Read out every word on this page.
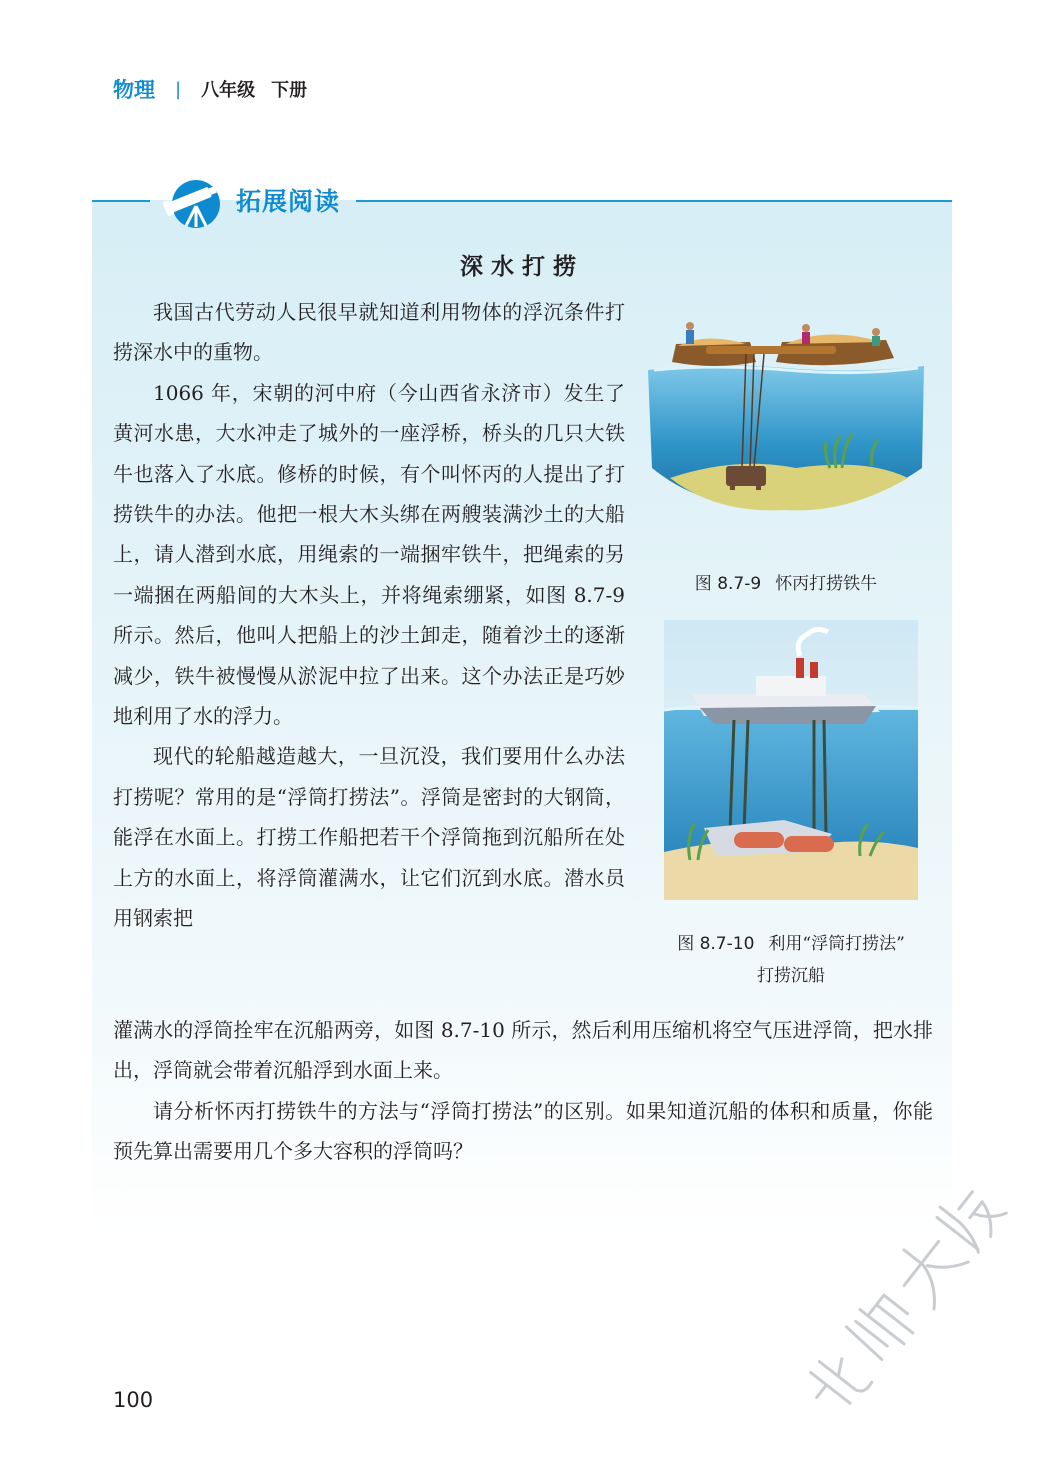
物理 | 八年级 下册
拓展阅读
深水打捞

我国古代劳动人民很早就知道利用物体的浮沉条件打捞深水中的重物。

1066 年，宋朝的河中府（今山西省永济市）发生了黄河水患，大水冲走了城外的一座浮桥，桥头的几只大铁牛也落入了水底。修桥的时候，有个叫怀丙的人提出了打捞铁牛的办法。他把一根大木头绑在两艘装满沙土的大船上，请人潜到水底，用绳索的一端捆牢铁牛，把绳索的另一端捆在两船间的大木头上，并将绳索绷紧，如图 8.7-9 所示。然后，他叫人把船上的沙土卸走，随着沙土的逐渐减少，铁牛被慢慢从淤泥中拉了出来。这个办法正是巧妙地利用了水的浮力。

现代的轮船越造越大，一旦沉没，我们要用什么办法打捞呢？常用的是“浮筒打捞法”。浮筒是密封的大钢筒，能浮在水面上。打捞工作船把若干个浮筒拖到沉船所在处上方的水面上，将浮筒灌满水，让它们沉到水底。潜水员用钢索把

灌满水的浮筒拴牢在沉船两旁，如图 8.7-10 所示，然后利用压缩机将空气压进浮筒，把水排出，浮筒就会带着沉船浮到水面上来。

请分析怀丙打捞铁牛的方法与“浮筒打捞法”的区别。如果知道沉船的体积和质量，你能预先算出需要用几个多大容积的浮筒吗？

图 8.7-9 怀丙打捞铁牛
图 8.7-10 利用“浮筒打捞法”
打捞沉船
100
